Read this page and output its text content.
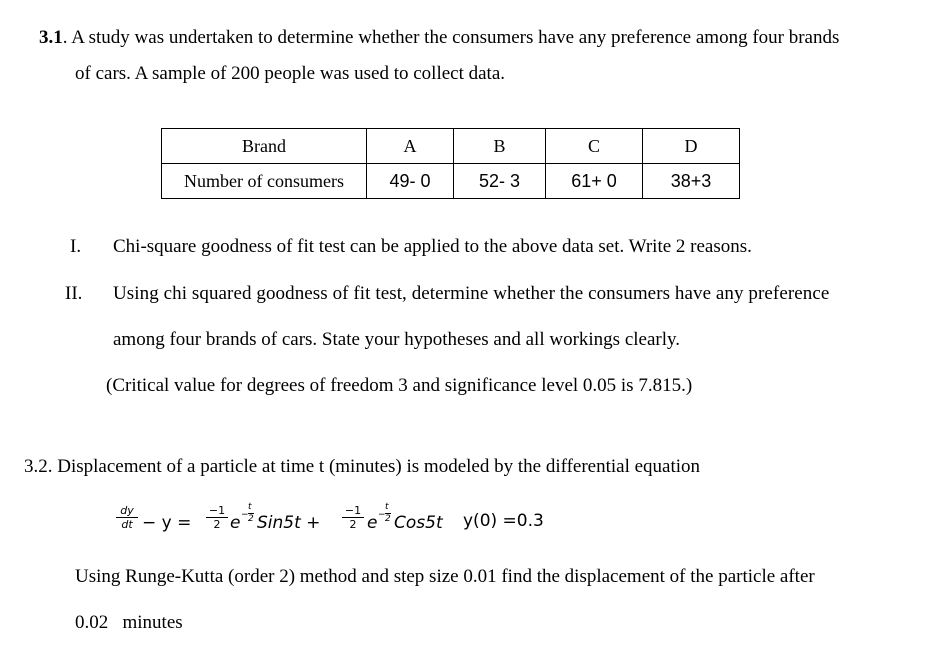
3.1. A study was undertaken to determine whether the consumers have any preference among four brands
of cars. A sample of 200 people was used to collect data.
Brand	A	B	C	D
Number of consumers	49- 0	52- 3	61+ 0	38+3
I. Chi-square goodness of fit test can be applied to the above data set. Write 2 reasons.
II. Using chi squared goodness of fit test, determine whether the consumers have any preference
among four brands of cars. State your hypotheses and all workings clearly.
(Critical value for degrees of freedom 3 and significance level 0.05 is 7.815.)
3.2. Displacement of a particle at time t (minutes) is modeled by the differential equation
$\frac{dy}{dt} - y = \frac{-1}{2}$ e −
t
2 $Sin5t + \frac{-1}{2}$ e −
t
2 Cos5t y(0) =0.3
Using Runge-Kutta (order 2) method and step size 0.01 find the displacement of the particle after
0.02   minutes
